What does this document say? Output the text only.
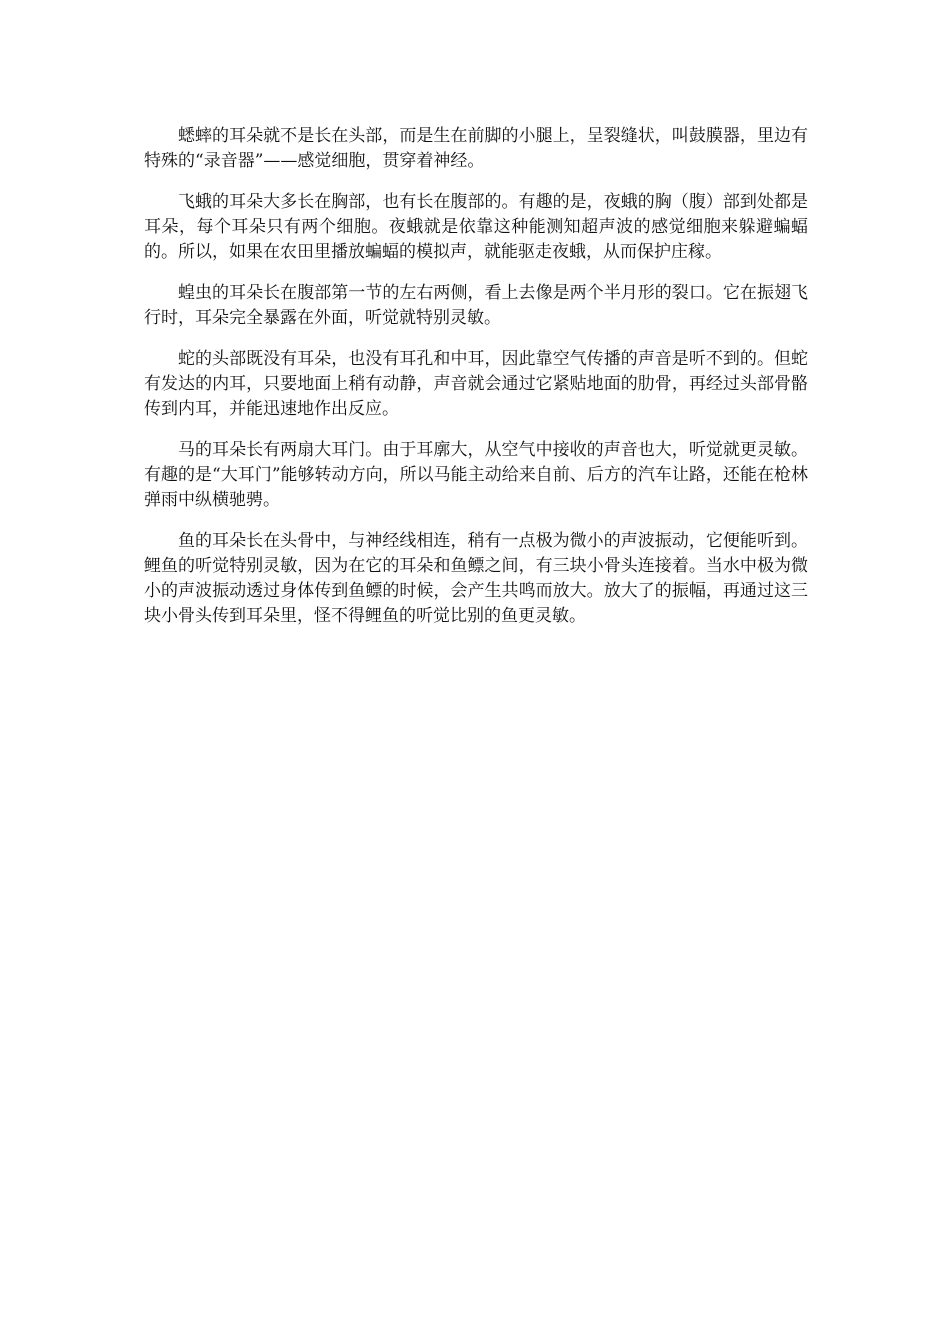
蟋蟀的耳朵就不是长在头部，而是生在前脚的小腿上，呈裂缝状，叫鼓膜器，里边有特殊的“录音器”——感觉细胞，贯穿着神经。

飞蛾的耳朵大多长在胸部，也有长在腹部的。有趣的是，夜蛾的胸（腹）部到处都是耳朵，每个耳朵只有两个细胞。夜蛾就是依靠这种能测知超声波的感觉细胞来躲避蝙蝠的。所以，如果在农田里播放蝙蝠的模拟声，就能驱走夜蛾，从而保护庄稼。

蝗虫的耳朵长在腹部第一节的左右两侧，看上去像是两个半月形的裂口。它在振翅飞行时，耳朵完全暴露在外面，听觉就特别灵敏。

蛇的头部既没有耳朵，也没有耳孔和中耳，因此靠空气传播的声音是听不到的。但蛇有发达的内耳，只要地面上稍有动静，声音就会通过它紧贴地面的肋骨，再经过头部骨骼传到内耳，并能迅速地作出反应。

马的耳朵长有两扇大耳门。由于耳廓大，从空气中接收的声音也大，听觉就更灵敏。有趣的是“大耳门”能够转动方向，所以马能主动给来自前、后方的汽车让路，还能在枪林弹雨中纵横驰骋。

鱼的耳朵长在头骨中，与神经线相连，稍有一点极为微小的声波振动，它便能听到。鲤鱼的听觉特别灵敏，因为在它的耳朵和鱼鳔之间，有三块小骨头连接着。当水中极为微小的声波振动透过身体传到鱼鳔的时候，会产生共鸣而放大。放大了的振幅，再通过这三块小骨头传到耳朵里，怪不得鲤鱼的听觉比别的鱼更灵敏。
